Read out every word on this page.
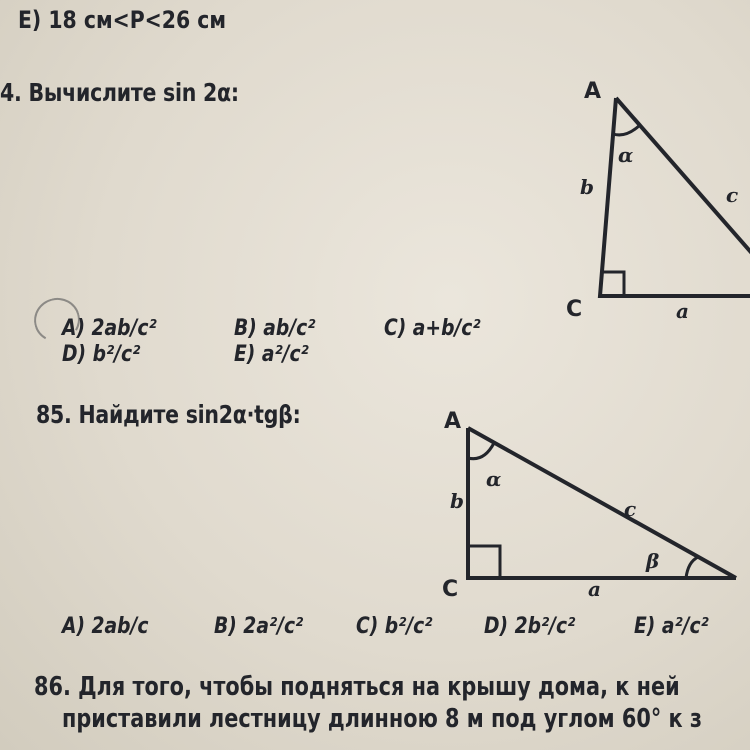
E) 18 см<P<26 см
4. Вычислите sin 2α:	A
C
α
b	c
a
A) 2ab/c²	B) ab/c²	C) a+b/c²
D) b²/c²	E) a²/c²
85. Найдите sin2α·tgβ:	A
C
α
β
b	c
a
A) 2ab/c	B) 2a²/c² C) b²/c² D) 2b²/c²	E) a²/c²
86. Для того, чтобы подняться на крышу дома, к ней
приставили лестницу длинною 8 м под углом 60° к з
